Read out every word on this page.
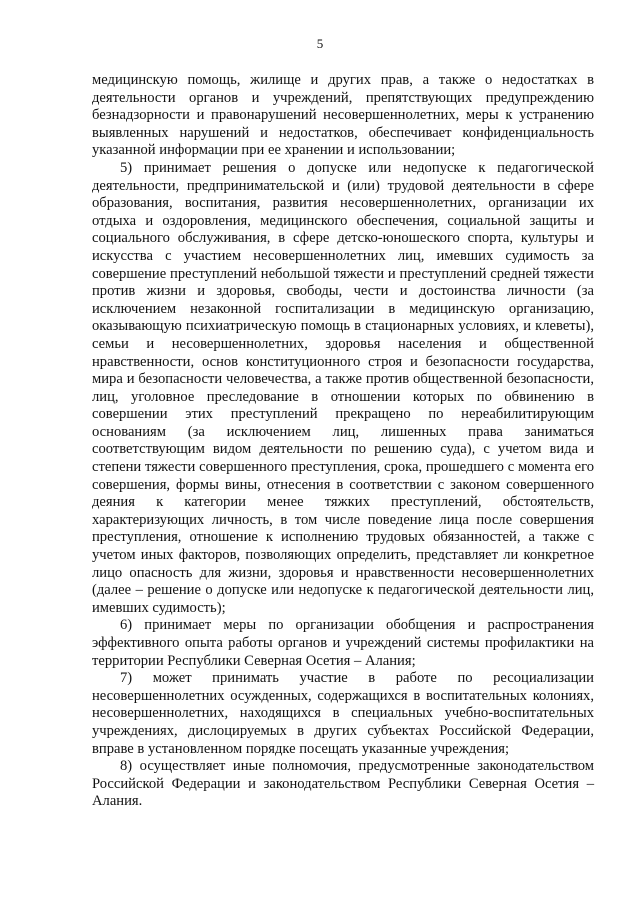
5

медицинскую помощь, жилище и других прав, а также о недостатках в деятельности органов и учреждений, препятствующих предупреждению безнадзорности и правонарушений несовершеннолетних, меры к устранению выявленных нарушений и недостатков, обеспечивает конфиденциальность указанной информации при ее хранении и использовании;

5) принимает решения о допуске или недопуске к педагогической деятельности, предпринимательской и (или) трудовой деятельности в сфере образования, воспитания, развития несовершеннолетних, организации их отдыха и оздоровления, медицинского обеспечения, социальной защиты и социального обслуживания, в сфере детско-юношеского спорта, культуры и искусства с участием несовершеннолетних лиц, имевших судимость за совершение преступлений небольшой тяжести и преступлений средней тяжести против жизни и здоровья, свободы, чести и достоинства личности (за исключением незаконной госпитализации в медицинскую организацию, оказывающую психиатрическую помощь в стационарных условиях, и клеветы), семьи и несовершеннолетних, здоровья населения и общественной нравственности, основ конституционного строя и безопасности государства, мира и безопасности человечества, а также против общественной безопасности, лиц, уголовное преследование в отношении которых по обвинению в совершении этих преступлений прекращено по нереабилитирующим основаниям (за исключением лиц, лишенных права заниматься соответствующим видом деятельности по решению суда), с учетом вида и степени тяжести совершенного преступления, срока, прошедшего с момента его совершения, формы вины, отнесения в соответствии с законом совершенного деяния к категории менее тяжких преступлений, обстоятельств, характеризующих личность, в том числе поведение лица после совершения преступления, отношение к исполнению трудовых обязанностей, а также с учетом иных факторов, позволяющих определить, представляет ли конкретное лицо опасность для жизни, здоровья и нравственности несовершеннолетних (далее – решение о допуске или недопуске к педагогической деятельности лиц, имевших судимость);

6) принимает меры по организации обобщения и распространения эффективного опыта работы органов и учреждений системы профилактики на территории Республики Северная Осетия – Алания;

7) может принимать участие в работе по ресоциализации несовершеннолетних осужденных, содержащихся в воспитательных колониях, несовершеннолетних, находящихся в специальных учебно-воспитательных учреждениях, дислоцируемых в других субъектах Российской Федерации, вправе в установленном порядке посещать указанные учреждения;

8) осуществляет иные полномочия, предусмотренные законодательством Российской Федерации и законодательством Республики Северная Осетия – Алания.
